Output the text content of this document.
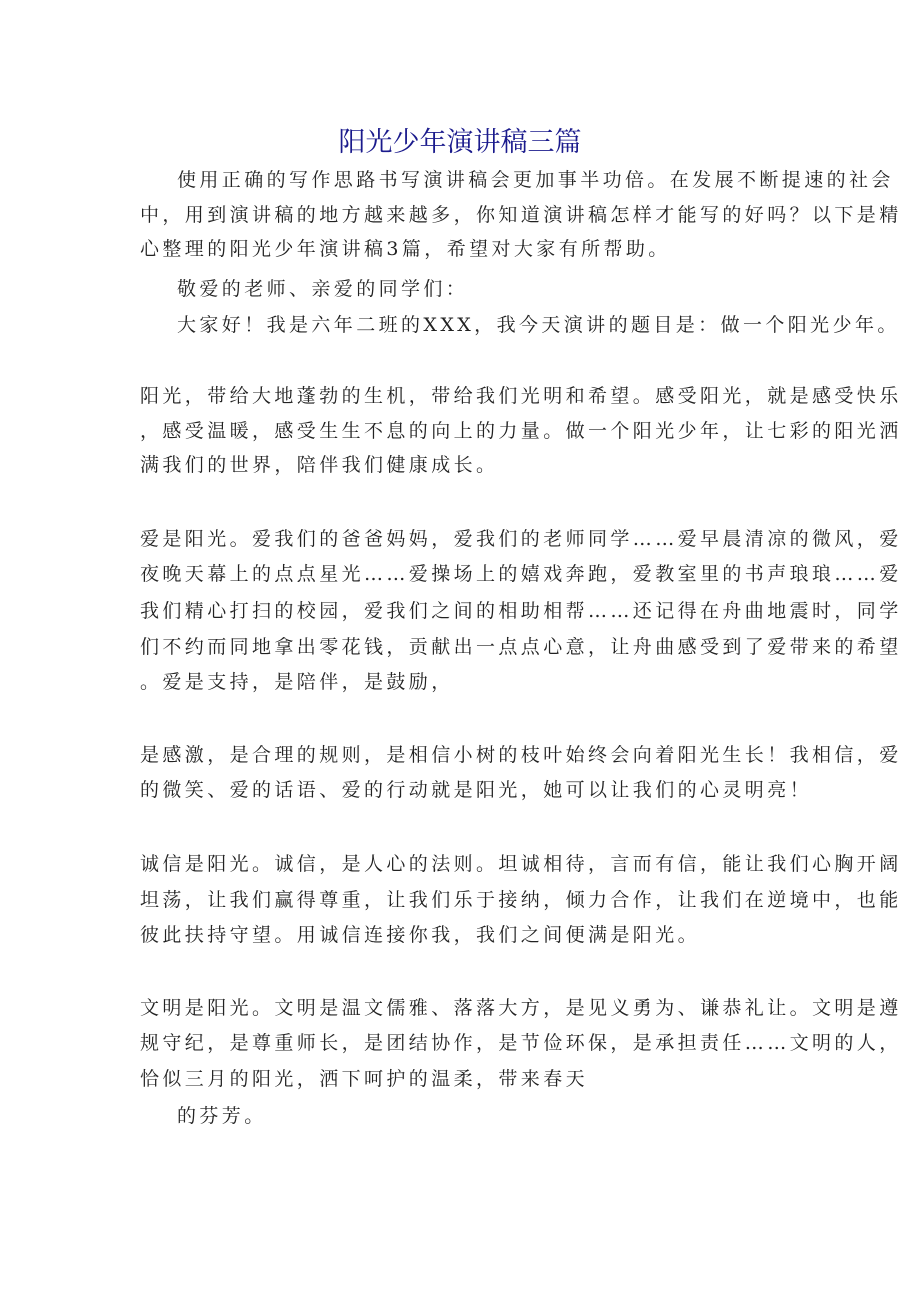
阳光少年演讲稿三篇
使用正确的写作思路书写演讲稿会更加事半功倍。在发展不断提速的社会
中，用到演讲稿的地方越来越多，你知道演讲稿怎样才能写的好吗？以下是精
心整理的阳光少年演讲稿3篇，希望对大家有所帮助。
敬爱的老师、亲爱的同学们：
大家好！我是六年二班的XXX，我今天演讲的题目是：做一个阳光少年。
阳光，带给大地蓬勃的生机，带给我们光明和希望。感受阳光，就是感受快乐
，感受温暖，感受生生不息的向上的力量。做一个阳光少年，让七彩的阳光洒
满我们的世界，陪伴我们健康成长。
爱是阳光。爱我们的爸爸妈妈，爱我们的老师同学……爱早晨清凉的微风，爱
夜晚天幕上的点点星光……爱操场上的嬉戏奔跑，爱教室里的书声琅琅……爱
我们精心打扫的校园，爱我们之间的相助相帮……还记得在舟曲地震时，同学
们不约而同地拿出零花钱，贡献出一点点心意，让舟曲感受到了爱带来的希望
。爱是支持，是陪伴，是鼓励，
是感激，是合理的规则，是相信小树的枝叶始终会向着阳光生长！我相信，爱
的微笑、爱的话语、爱的行动就是阳光，她可以让我们的心灵明亮！
诚信是阳光。诚信，是人心的法则。坦诚相待，言而有信，能让我们心胸开阔
坦荡，让我们赢得尊重，让我们乐于接纳，倾力合作，让我们在逆境中，也能
彼此扶持守望。用诚信连接你我，我们之间便满是阳光。
文明是阳光。文明是温文儒雅、落落大方，是见义勇为、谦恭礼让。文明是遵
规守纪，是尊重师长，是团结协作，是节俭环保，是承担责任……文明的人，
恰似三月的阳光，洒下呵护的温柔，带来春天
的芬芳。
